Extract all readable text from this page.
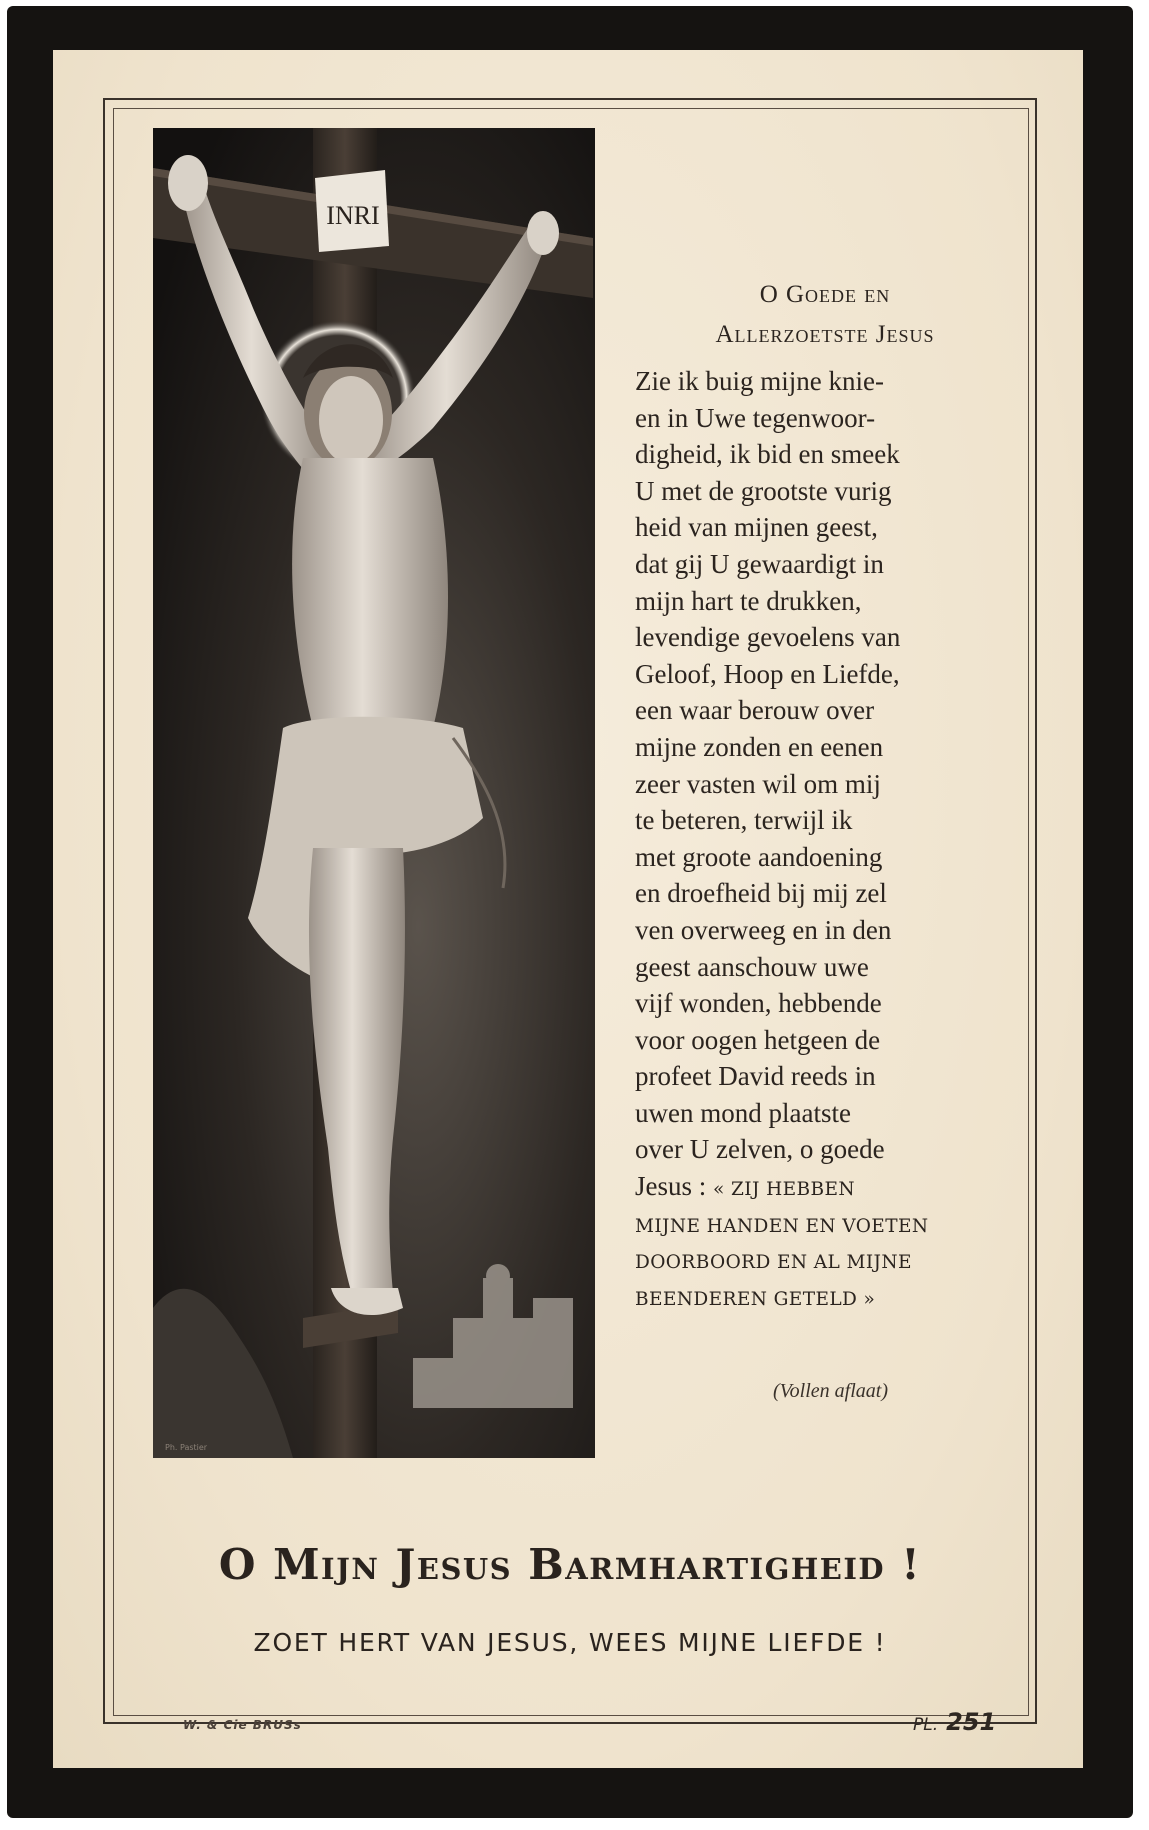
INRI
Ph. Pastier
O Goede en
Allerzoetste Jesus
Zie ik buig mijne knie-
en in Uwe tegenwoor-
digheid, ik bid en smeek
U met de grootste vurig
heid van mijnen geest,
dat gij U gewaardigt in
mijn hart te drukken,
levendige gevoelens van
Geloof, Hoop en Liefde,
een waar berouw over
mijne zonden en eenen
zeer vasten wil om mij
te beteren, terwijl ik
met groote aandoening
en droefheid bij mij zel
ven overweeg en in den
geest aanschouw uwe
vijf wonden, hebbende
voor oogen hetgeen de
profeet David reeds in
uwen mond plaatste
over U zelven, o goede
Jesus : « ZIJ HEBBEN
MIJNE HANDEN EN VOETEN
DOORBOORD EN AL MIJNE
BEENDEREN GETELD »
(Vollen aflaat)
O Mijn Jesus Barmhartigheid !
ZOET HERT VAN JESUS, WEES MIJNE LIEFDE !
W. & Cie BRUSs	PL. 251
